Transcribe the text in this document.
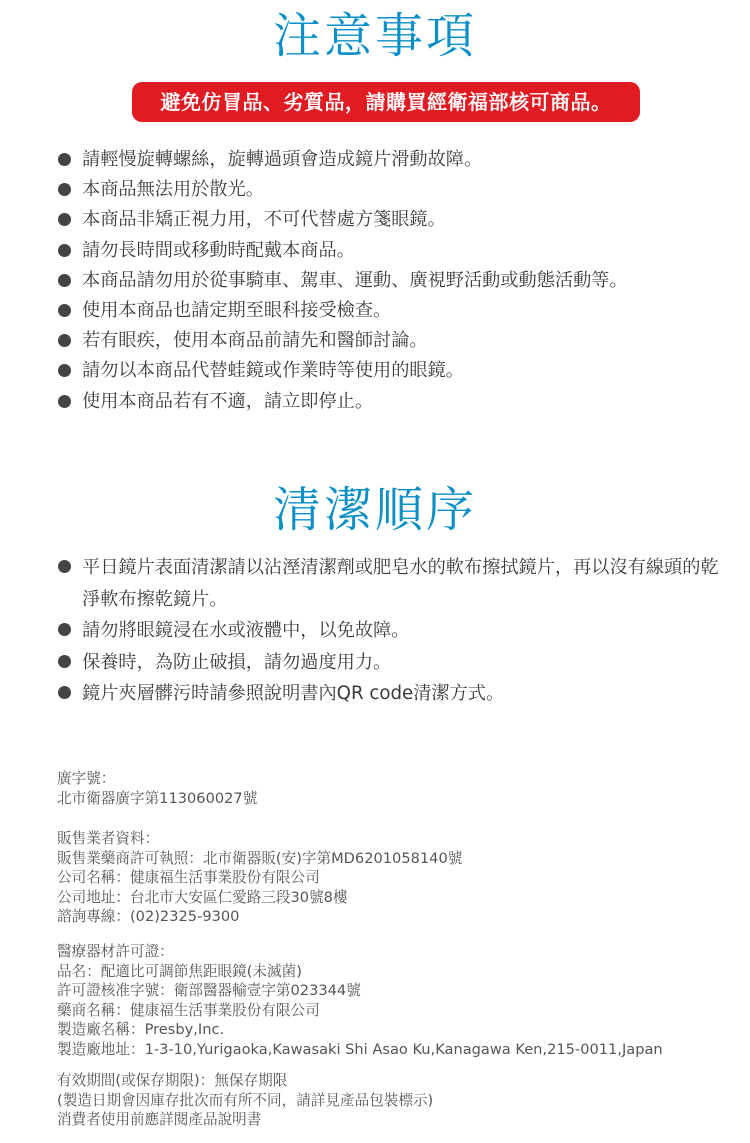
注意事項
避免仿冒品、劣質品，請購買經衛福部核可商品。
請輕慢旋轉螺絲，旋轉過頭會造成鏡片滑動故障。
本商品無法用於散光。
本商品非矯正視力用，不可代替處方箋眼鏡。
請勿長時間或移動時配戴本商品。
本商品請勿用於從事騎車、駕車、運動、廣視野活動或動態活動等。
使用本商品也請定期至眼科接受檢查。
若有眼疾，使用本商品前請先和醫師討論。
請勿以本商品代替蛙鏡或作業時等使用的眼鏡。
使用本商品若有不適，請立即停止。
清潔順序
平日鏡片表面清潔請以沾溼清潔劑或肥皂水的軟布擦拭鏡片，再以沒有線頭的乾淨軟布擦乾鏡片。
請勿將眼鏡浸在水或液體中，以免故障。
保養時，為防止破損，請勿過度用力。
鏡片夾層髒污時請參照說明書內QR code清潔方式。
廣字號：
北市衛器廣字第113060027號
販售業者資料：
販售業藥商許可執照：北市衛器販(安)字第MD6201058140號
公司名稱：健康福生活事業股份有限公司
公司地址：台北市大安區仁愛路三段30號8樓
諮詢專線：(02)2325-9300
醫療器材許可證：
品名：配適比可調節焦距眼鏡(未滅菌)
許可證核准字號：衛部醫器輸壹字第023344號
藥商名稱：健康福生活事業股份有限公司
製造廠名稱：Presby,Inc.
製造廠地址：1-3-10,Yurigaoka,Kawasaki Shi Asao Ku,Kanagawa Ken,215-0011,Japan
有效期間(或保存期限)：無保存期限
(製造日期會因庫存批次而有所不同，請詳見產品包裝標示)
消費者使用前應詳閱產品說明書
